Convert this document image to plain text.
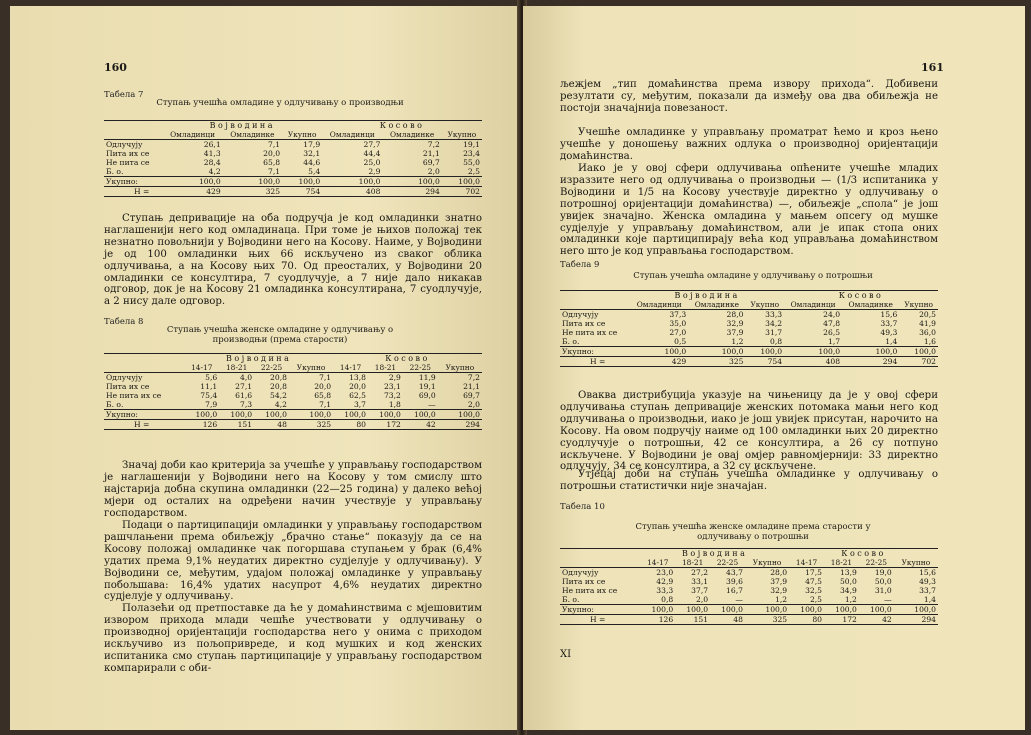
160
Табела 7
Ступањ учешћа омладине у одлучивању о производњи
	Војводина			Косово		
	Омладинци	Омладинке	Укупно	Омладинци	Омладинке	Укупно
Одлучују	26,1	7,1	17,9	27,7	7,2	19,1
Пита их се	41,3	20,0	32,1	44,4	21,1	23,4
Не пита се	28,4	65,8	44,6	25,0	69,7	55,0
Б. о.	4,2	7,1	5,4	2,9	2,0	2,5
Укупно:	100,0	100,0	100,0	100,0	100,0	100,0
Н =	429	325	754	408	294	702

Ступањ депривације на оба подручја је код омладинки знатно наглашенији него код омладинаца. При томе је њихов положај тек незнатно повољнији у Војводини него на Косову. Наиме, у Војводини је од 100 омладинки њих 66 искључено из сваког облика одлучивања, а на Косову њих 70. Од преосталих, у Војводини 20 омладинки се консултира, 7 суодлучује, а 7 није дало никакав одговор, док је на Косову 21 омладинка консултирана, 7 суодлучује, а 2 нису дале одговор.

Табела 8
Ступањ учешћа женске омладине у одлучивању о
производњи (према старости)
	Војводина				Косово			
	14-17	18-21	22-25	Укупно	14-17	18-21	22-25	Укупно
Одлучују	5,6	4,0	20,8	7,1	13,8	2,9	11,9	7,2
Пита их се	11,1	27,1	20,8	20,0	20,0	23,1	19,1	21,1
Не пита их се	75,4	61,6	54,2	65,8	62,5	73,2	69,0	69,7
Б. о.	7,9	7,3	4,2	7,1	3,7	1,8	—	2,0
Укупно:	100,0	100,0	100,0	100,0	100,0	100,0	100,0	100,0
Н =	126	151	48	325	80	172	42	294

Значај доби као критерија за учешће у управљању господарством је наглашенији у Војводини него на Косову у том смислу што најстарија добна скупина омладинки (22—25 година) у далеко већој мјери од осталих на одређени начин учествује у управљању господарством.

Подаци о партиципацији омладинки у управљању господарством рашчлањени према обиљежју „брачно стање“ показују да се на Косову положај омладинке чак погоршава ступањем у брак (6,4% удатих према 9,1% неудатих директно судјелује у одлучивању). У Војводини се, међутим, удајом положај омладинке у управљању побољшава: 16,4% удатих насупрот 4,6% неудатих директно судјелује у одлучивању.

Полазећи од претпоставке да ће у домаћинствима с мјешовитим извором прихода млади чешће учествовати у одлучивању о производној оријентацији господарства него у онима с приходом искључиво из пољопривреде, и код мушких и код женских испитаника смо ступањ партиципације у управљању господарством компарирали с оби-

161

љежјем „тип домаћинства према извору прихода“. Добивени резултати су, међутим, показали да између ова два обиљежја не постоји значајнија повезаност.

Учешће омладинке у управљању проматрат ћемо и кроз њено учешће у доношењу важних одлука о производној оријентацији домаћинства.

Иако је у овој сфери одлучивања опћените учешће младих израззите него од одлучивања о производњи — (1/3 испитаника у Војводини и 1/5 на Косову учествује директно у одлучивању о потрошној оријентацији домаћинства) —, обиљежје „спола“ је још увијек значајно. Женска омладина у мањем опсегу од мушке судјелује у управљању домаћинством, али је ипак стопа оних омладинки које партиципирају већа код управљања домаћинством него што је код управљања господарством.

Табела 9
Ступањ учешћа омладине у одлучивању о потрошњи
	Војводина			Косово		
	Омладинци	Омладинке	Укупно	Омладинци	Омладинке	Укупно
Одлучују	37,3	28,0	33,3	24,0	15,6	20,5
Пита их се	35,0	32,9	34,2	47,8	33,7	41,9
Не пита их се	27,0	37,9	31,7	26,5	49,3	36,0
Б. о.	0,5	1,2	0,8	1,7	1,4	1,6
Укупно:	100,0	100,0	100,0	100,0	100,0	100,0
Н =	429	325	754	408	294	702

Оваква дистрибуција указује на чињеницу да је у овој сфери одлучивања ступањ депривације женских потомака мањи него код одлучивања о производњи, иако је још увијек присутан, нарочито на Косову. На овом подручју наиме од 100 омладинки њих 20 директно суодлучује о потрошњи, 42 се консултира, а 26 су потпуно искључене. У Војводини је овај омјер равномјернији: 33 директно одлучују, 34 се консултира, а 32 су искључене.

Утјецај доби на ступањ учешћа омладинке у одлучивању о потрошњи статистички није значајан.

Табела 10
Ступањ учешћа женске омладине према старости у
одлучивању о потрошњи
	Војводина				Косово			
	14-17	18-21	22-25	Укупно	14-17	18-21	22-25	Укупно
Одлучују	23,0	27,2	43,7	28,0	17,5	13,9	19,0	15,6
Пита их се	42,9	33,1	39,6	37,9	47,5	50,0	50,0	49,3
Не пита их се	33,3	37,7	16,7	32,9	32,5	34,9	31,0	33,7
Б. о.	0,8	2,0	—	1,2	2,5	1,2	—	1,4
Укупно:	100,0	100,0	100,0	100,0	100,0	100,0	100,0	100,0
Н =	126	151	48	325	80	172	42	294
XI
